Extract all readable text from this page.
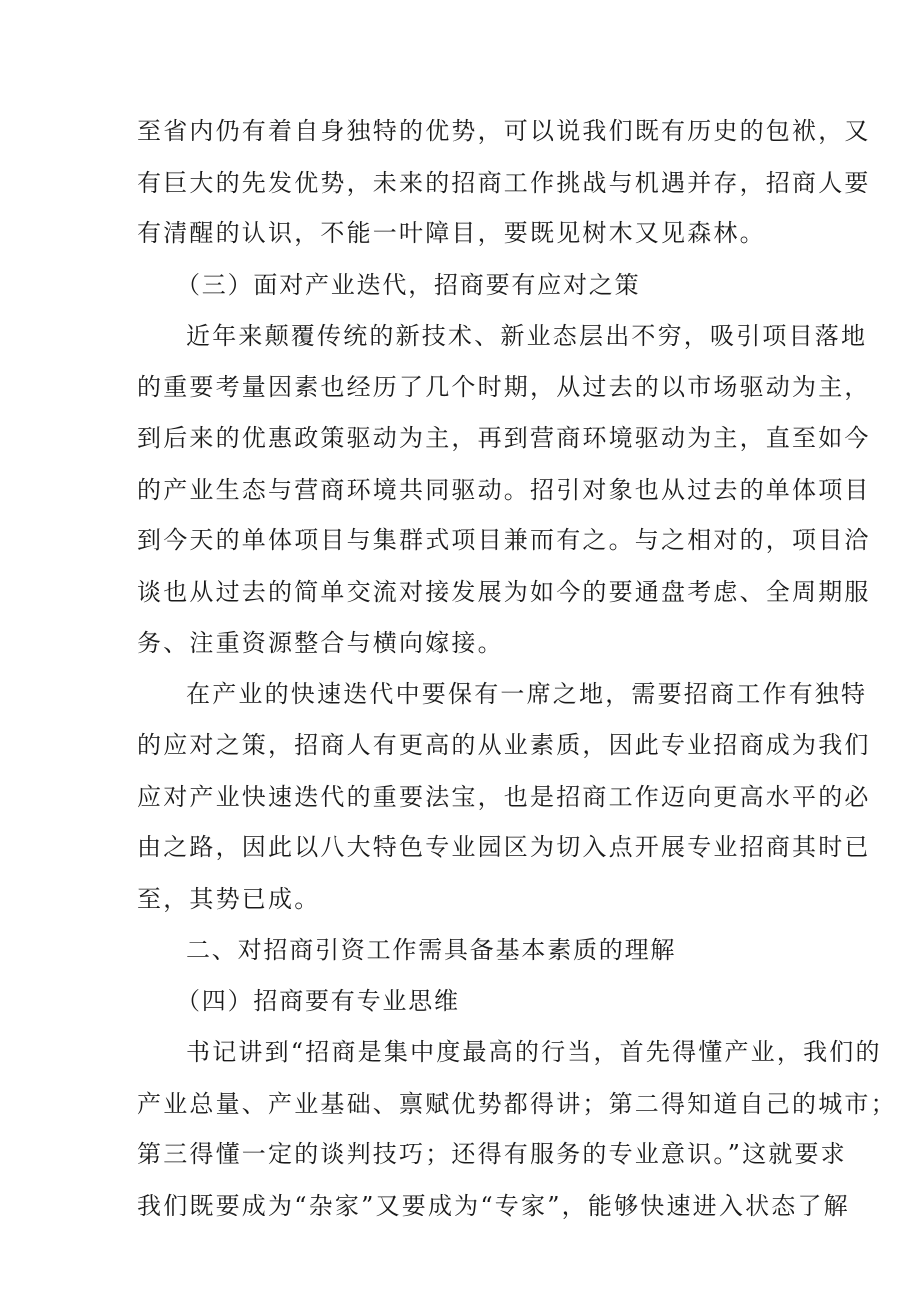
至省内仍有着自身独特的优势，可以说我们既有历史的包袱，又
有巨大的先发优势，未来的招商工作挑战与机遇并存，招商人要
有清醒的认识，不能一叶障目，要既见树木又见森林。
（三）面对产业迭代，招商要有应对之策
近年来颠覆传统的新技术、新业态层出不穷，吸引项目落地
的重要考量因素也经历了几个时期，从过去的以市场驱动为主，
到后来的优惠政策驱动为主，再到营商环境驱动为主，直至如今
的产业生态与营商环境共同驱动。招引对象也从过去的单体项目
到今天的单体项目与集群式项目兼而有之。与之相对的，项目洽
谈也从过去的简单交流对接发展为如今的要通盘考虑、全周期服
务、注重资源整合与横向嫁接。
在产业的快速迭代中要保有一席之地，需要招商工作有独特
的应对之策，招商人有更高的从业素质，因此专业招商成为我们
应对产业快速迭代的重要法宝，也是招商工作迈向更高水平的必
由之路，因此以八大特色专业园区为切入点开展专业招商其时已
至，其势已成。
二、对招商引资工作需具备基本素质的理解
（四）招商要有专业思维
书记讲到“招商是集中度最高的行当，首先得懂产业，我们的
产业总量、产业基础、禀赋优势都得讲；第二得知道自己的城市；
第三得懂一定的谈判技巧；还得有服务的专业意识。”这就要求
我们既要成为“杂家”又要成为“专家”，能够快速进入状态了解
